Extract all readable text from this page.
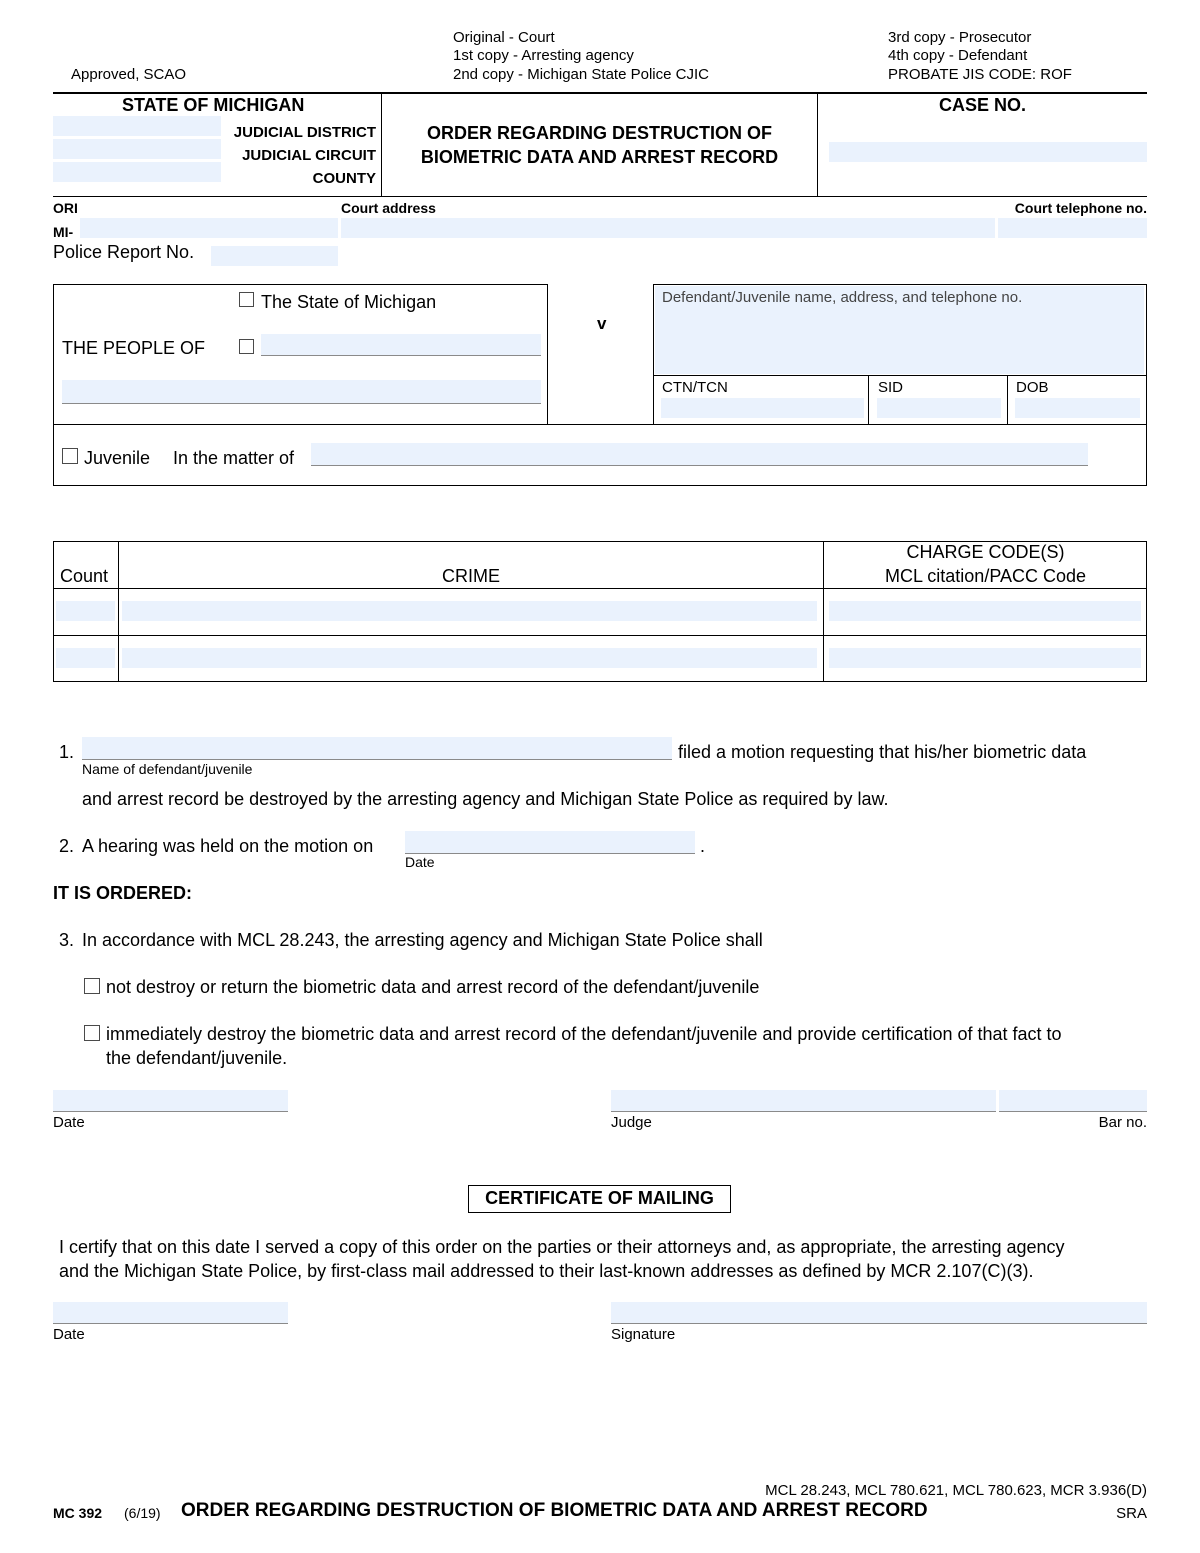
Approved, SCAO
Original - Court
1st copy - Arresting agency
2nd copy - Michigan State Police CJIC
3rd copy - Prosecutor
4th copy - Defendant
PROBATE JIS CODE: ROF
STATE OF MICHIGAN
JUDICIAL DISTRICT
JUDICIAL CIRCUIT
COUNTY
ORDER REGARDING DESTRUCTION OF
BIOMETRIC DATA AND ARREST RECORD
CASE NO.
ORI	Court address	Court telephone no.
MI-
Police Report No.
The State of Michigan
THE PEOPLE OF
v
Defendant/Juvenile name, address, and telephone no.
CTN/TCN	SID	DOB
Juvenile In the matter of
Count	CRIME
CHARGE CODE(S)
MCL citation/PACC Code
1.	filed a motion requesting that his/her biometric data
Name of defendant/juvenile
and arrest record be destroyed by the arresting agency and Michigan State Police as required by law.
2. A hearing was held on the motion on	.
Date
IT IS ORDERED:
3. In accordance with MCL 28.243, the arresting agency and Michigan State Police shall
not destroy or return the biometric data and arrest record of the defendant/juvenile
immediately destroy the biometric data and arrest record of the defendant/juvenile and provide certification of that fact to
the defendant/juvenile.
Date	Judge	Bar no.
CERTIFICATE OF MAILING
I certify that on this date I served a copy of this order on the parties or their attorneys and, as appropriate, the arresting agency
and the Michigan State Police, by first-class mail addressed to their last-known addresses as defined by MCR 2.107(C)(3).
Date	Signature
MCL 28.243, MCL 780.621, MCL 780.623, MCR 3.936(D)
MC 392 (6/19) ORDER REGARDING DESTRUCTION OF BIOMETRIC DATA AND ARREST RECORD	SRA
